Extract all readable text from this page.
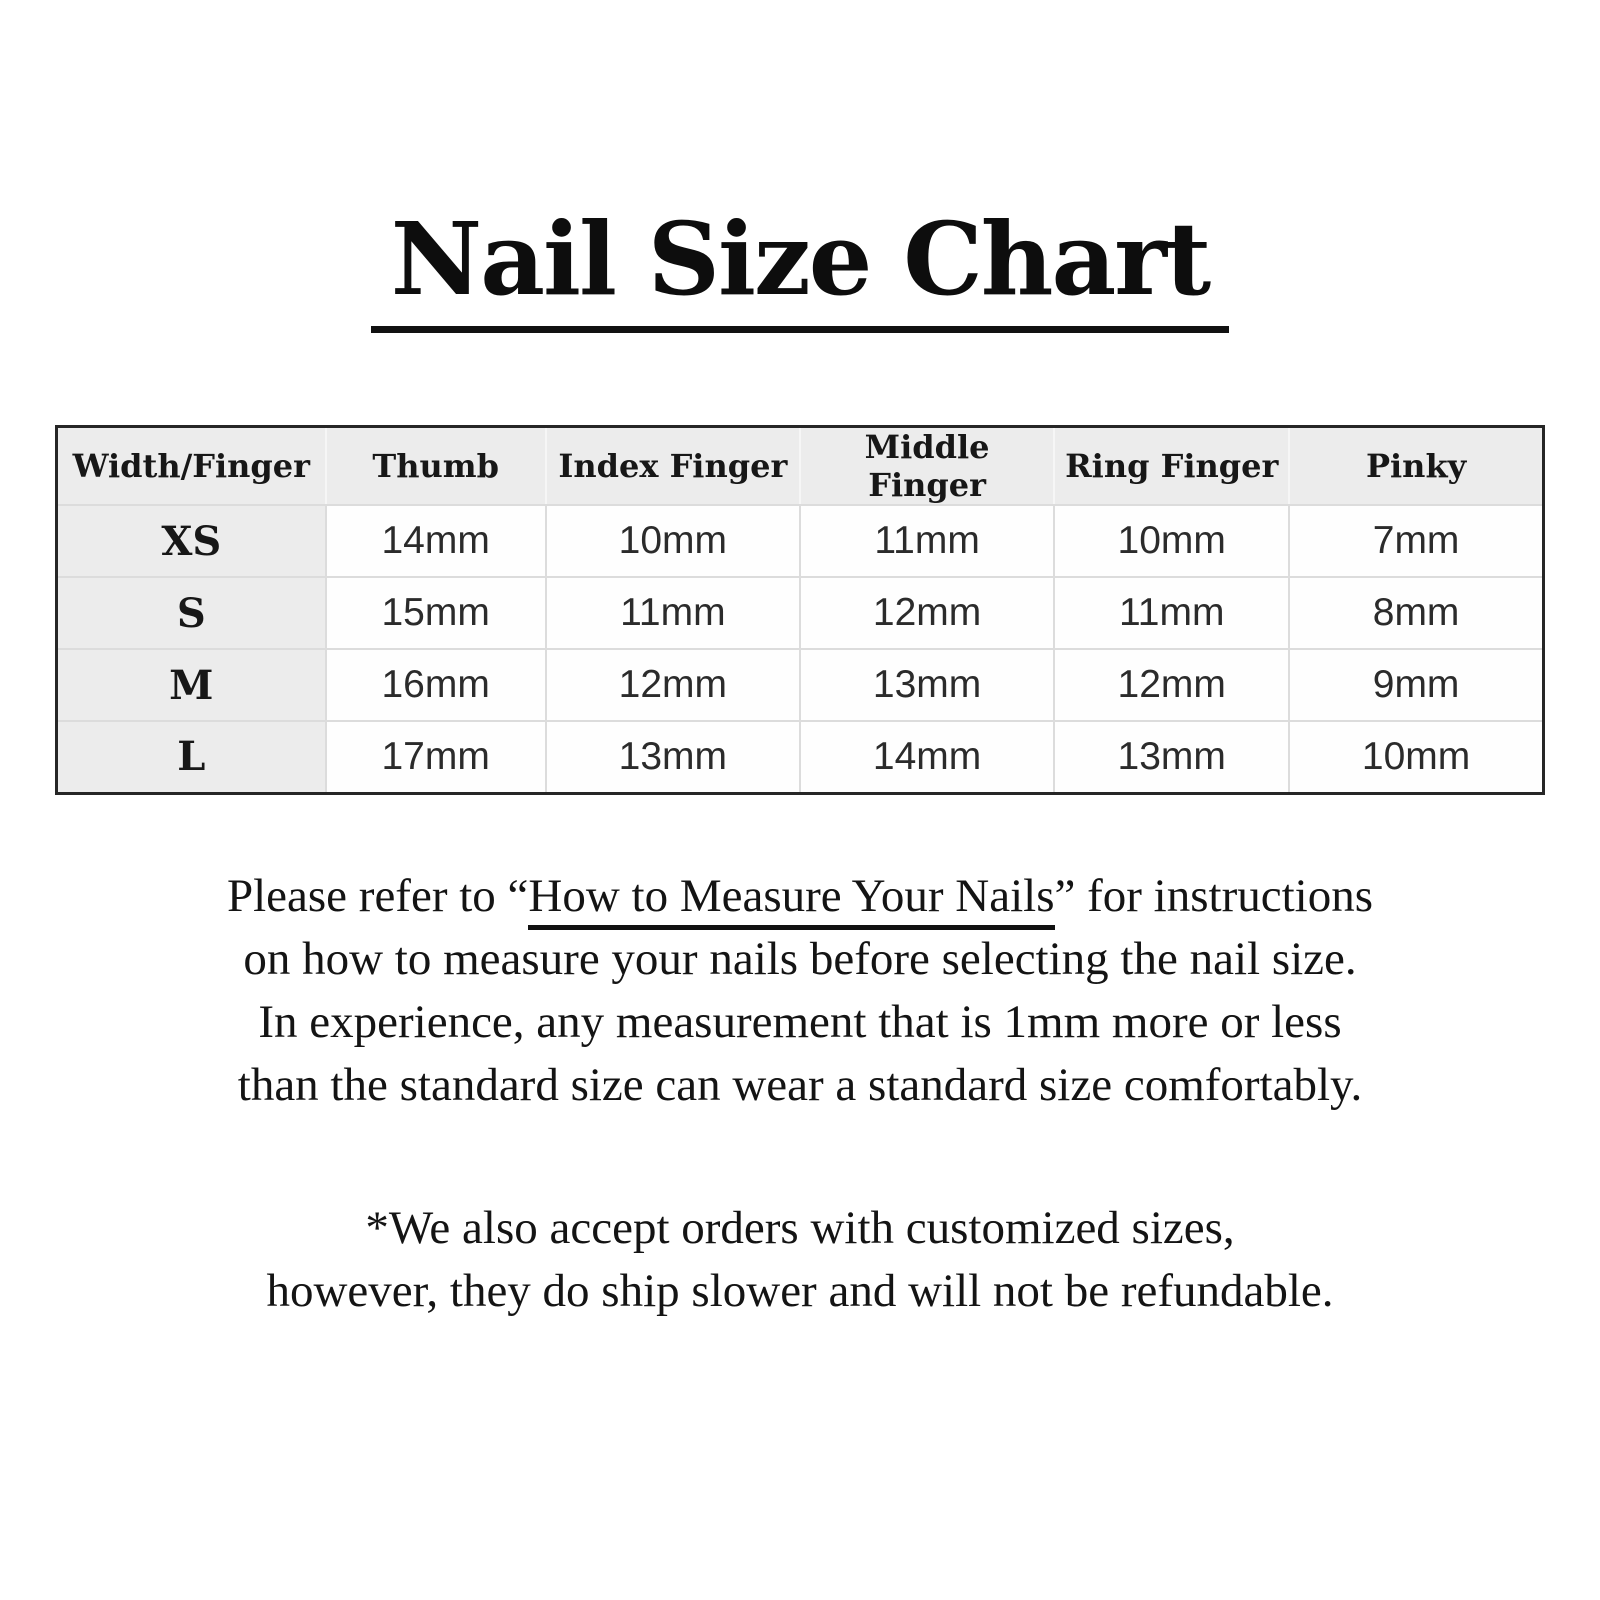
Nail Size Chart
Width/Finger	Thumb	Index Finger	Middle Finger	Ring Finger	Pinky
XS	14mm	10mm	11mm	10mm	7mm
S	15mm	11mm	12mm	11mm	8mm
M	16mm	12mm	13mm	12mm	9mm
L	17mm	13mm	14mm	13mm	10mm

Please refer to “How to Measure Your Nails” for instructions
on how to measure your nails before selecting the nail size.
In experience, any measurement that is 1mm more or less
than the standard size can wear a standard size comfortably.

*We also accept orders with customized sizes,
however, they do ship slower and will not be refundable.
